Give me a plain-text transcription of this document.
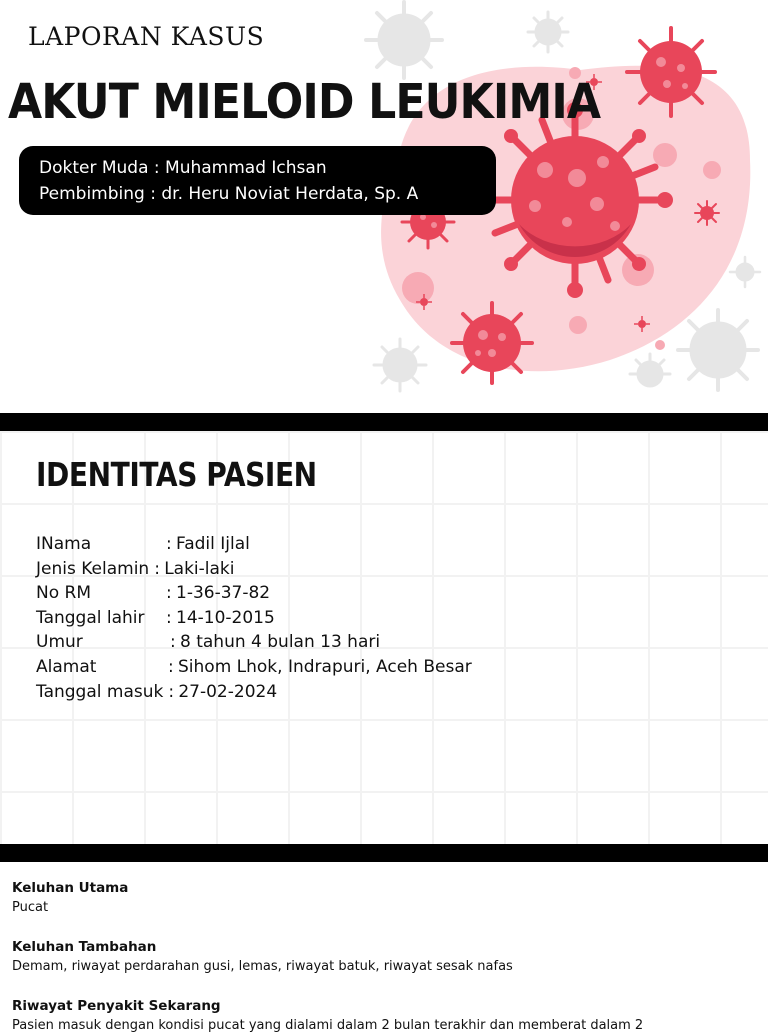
LAPORAN KASUS
AKUT MIELOID LEUKIMIA
Dokter Muda : Muhammad Ichsan
Pembimbing : dr. Heru Noviat Herdata, Sp. A
IDENTITAS PASIEN
INama	: Fadil Ijlal
Jenis Kelamin : Laki-laki
No RM	: 1-36-37-82
Tanggal lahir	: 14-10-2015
Umur	: 8 tahun 4 bulan 13 hari
Alamat	: Sihom Lhok, Indrapuri, Aceh Besar
Tanggal masuk : 27-02-2024
Keluhan Utama
Pucat
Keluhan Tambahan
Demam, riwayat perdarahan gusi, lemas, riwayat batuk, riwayat sesak nafas
Riwayat Penyakit Sekarang
Pasien masuk dengan kondisi pucat yang dialami dalam 2 bulan terakhir dan memberat dalam 2
